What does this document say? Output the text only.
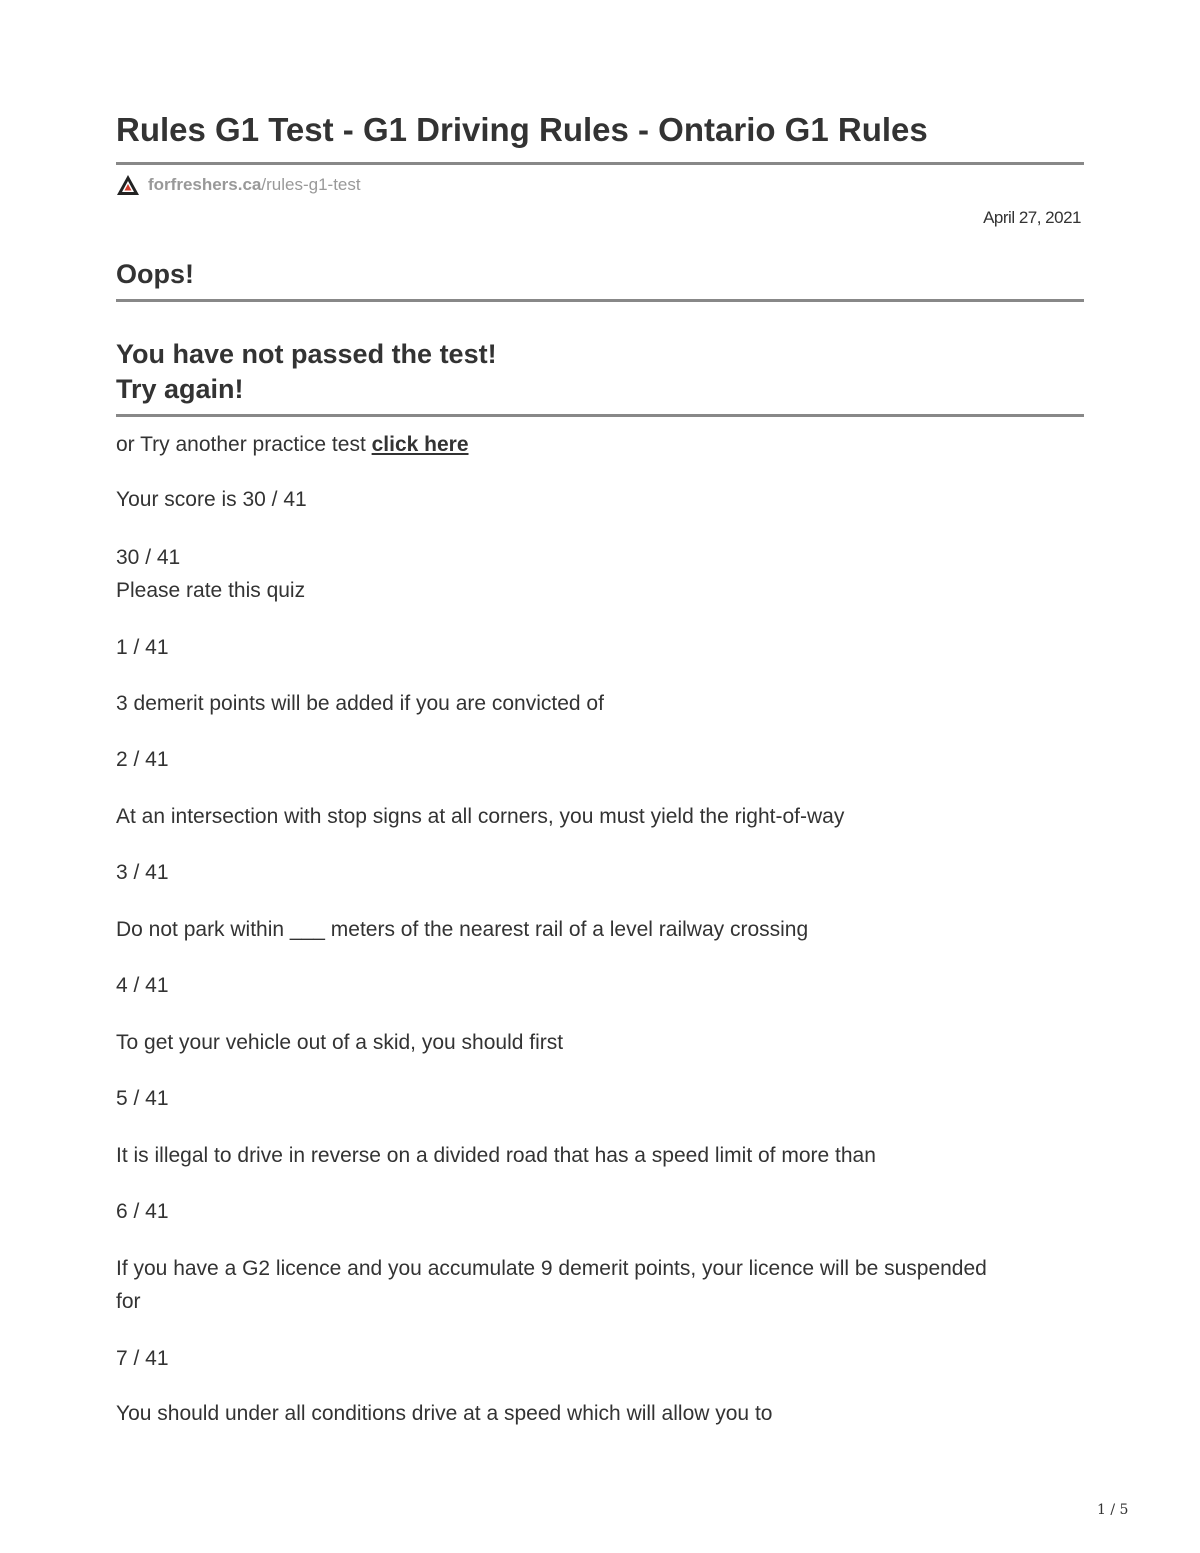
Rules G1 Test - G1 Driving Rules - Ontario G1 Rules
forfreshers.ca /rules-g1-test
April 27, 2021
Oops!
You have not passed the test!
Try again!

or Try another practice test click here

Your score is 30 / 41

30 / 41

Please rate this quiz

1 / 41

3 demerit points will be added if you are convicted of

2 / 41

At an intersection with stop signs at all corners, you must yield the right-of-way

3 / 41

Do not park within ___ meters of the nearest rail of a level railway crossing

4 / 41

To get your vehicle out of a skid, you should first

5 / 41

It is illegal to drive in reverse on a divided road that has a speed limit of more than

6 / 41

If you have a G2 licence and you accumulate 9 demerit points, your licence will be suspended for

7 / 41

You should under all conditions drive at a speed which will allow you to

1 / 5
